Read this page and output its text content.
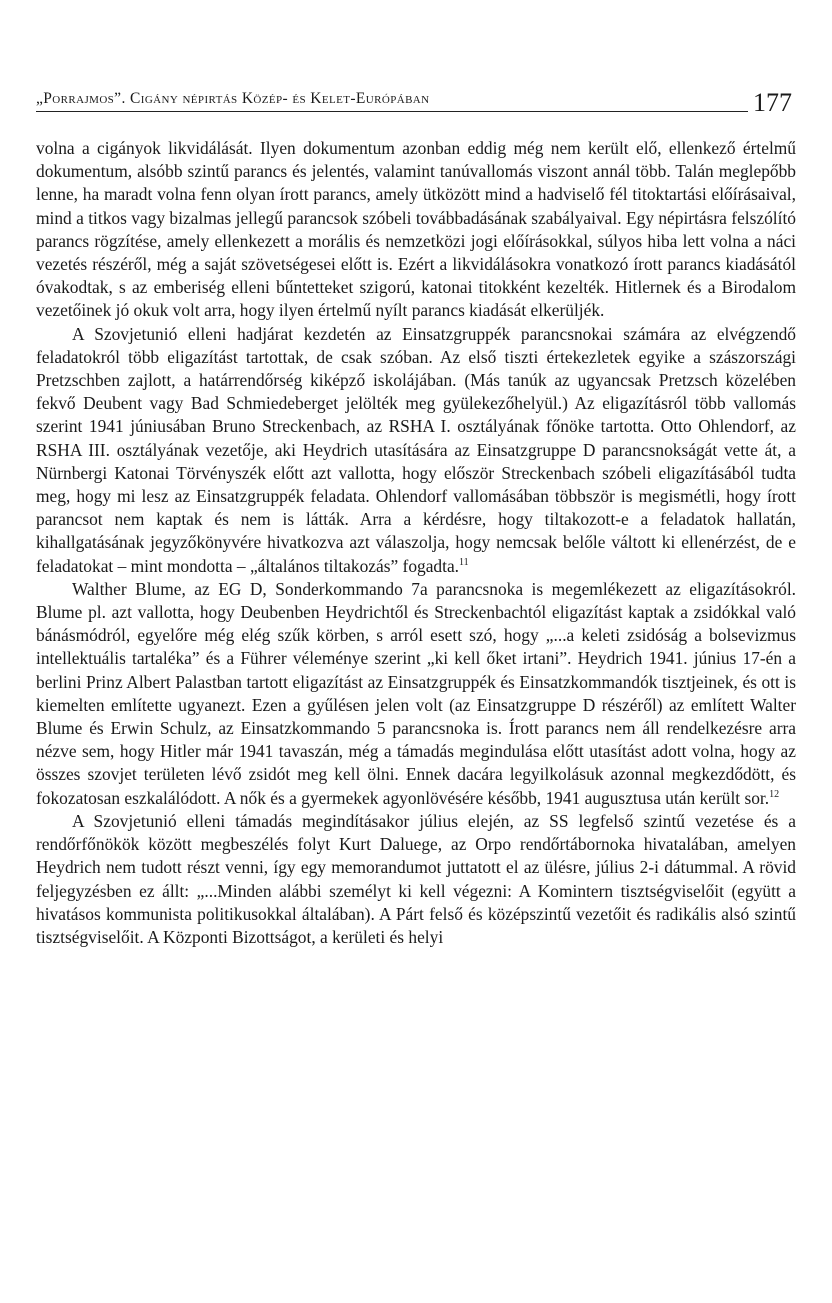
„Porrajmos”. Cigány népirtás Közép- és Kelet-Európában	177

volna a cigányok likvidálását. Ilyen dokumentum azonban eddig még nem került elő, ellenkező értelmű dokumentum, alsóbb szintű parancs és jelentés, valamint tanúvallomás viszont annál több. Talán meglepőbb lenne, ha maradt volna fenn olyan írott parancs, amely ütközött mind a hadviselő fél titoktartási előírásaival, mind a titkos vagy bizalmas jellegű parancsok szóbeli továbbadásának szabályaival. Egy népirtásra felszólító parancs rögzítése, amely ellenkezett a morális és nemzetközi jogi előírásokkal, súlyos hiba lett volna a náci vezetés részéről, még a saját szövetségesei előtt is. Ezért a likvidálásokra vonatkozó írott parancs kiadásától óvakodtak, s az emberiség elleni bűntetteket szigorú, katonai titokként kezelték. Hitlernek és a Birodalom vezetőinek jó okuk volt arra, hogy ilyen értelmű nyílt parancs kiadását elkerüljék.

A Szovjetunió elleni hadjárat kezdetén az Einsatzgruppék parancsnokai számára az elvégzendő feladatokról több eligazítást tartottak, de csak szóban. Az első tiszti értekezletek egyike a szászországi Pretzschben zajlott, a határrendőrség kiképző iskolájában. (Más tanúk az ugyancsak Pretzsch közelében fekvő Deubent vagy Bad Schmiedeberget jelölték meg gyülekezőhelyül.) Az eligazításról több vallomás szerint 1941 júniusában Bruno Streckenbach, az RSHA I. osztályának főnöke tartotta. Otto Ohlendorf, az RSHA III. osztályának vezetője, aki Heydrich utasítására az Einsatzgruppe D parancsnokságát vette át, a Nürnbergi Katonai Törvényszék előtt azt vallotta, hogy először Streckenbach szóbeli eligazításából tudta meg, hogy mi lesz az Einsatzgruppék feladata. Ohlendorf vallomásában többször is megismétli, hogy írott parancsot nem kaptak és nem is látták. Arra a kérdésre, hogy tiltakozott-e a feladatok hallatán, kihallgatásának jegyzőkönyvére hivatkozva azt válaszolja, hogy nemcsak belőle váltott ki ellenérzést, de e feladatokat – mint mondotta – „általános tiltakozás” fogadta.$^{11}$

Walther Blume, az EG D, Sonderkommando 7a parancsnoka is megemlékezett az eligazításokról. Blume pl. azt vallotta, hogy Deubenben Heydrichtől és Streckenbachtól eligazítást kaptak a zsidókkal való bánásmódról, egyelőre még elég szűk körben, s arról esett szó, hogy „...a keleti zsidóság a bolsevizmus intellektuális tartaléka” és a Führer véleménye szerint „ki kell őket irtani”. Heydrich 1941. június 17-én a berlini Prinz Albert Palastban tartott eligazítást az Einsatzgruppék és Einsatzkommandók tisztjeinek, és ott is kiemelten említette ugyanezt. Ezen a gyűlésen jelen volt (az Einsatzgruppe D részéről) az említett Walter Blume és Erwin Schulz, az Einsatzkommando 5 parancsnoka is. Írott parancs nem áll rendelkezésre arra nézve sem, hogy Hitler már 1941 tavaszán, még a támadás megindulása előtt utasítást adott volna, hogy az összes szovjet területen lévő zsidót meg kell ölni. Ennek dacára legyilkolásuk azonnal megkezdődött, és fokozatosan eszkalálódott. A nők és a gyermekek agyonlövésére később, 1941 augusztusa után került sor.$^{12}$

A Szovjetunió elleni támadás megindításakor július elején, az SS legfelső szintű vezetése és a rendőrfőnökök között megbeszélés folyt Kurt Daluege, az Orpo rendőrtábornoka hivatalában, amelyen Heydrich nem tudott részt venni, így egy memorandumot juttatott el az ülésre, július 2-i dátummal. A rövid feljegyzésben ez állt: „...Minden alábbi személyt ki kell végezni: A Komintern tisztségviselőit (együtt a hivatásos kommunista politikusokkal általában). A Párt felső és középszintű vezetőit és radikális alsó szintű tisztségviselőit. A Központi Bizottságot, a kerületi és helyi
